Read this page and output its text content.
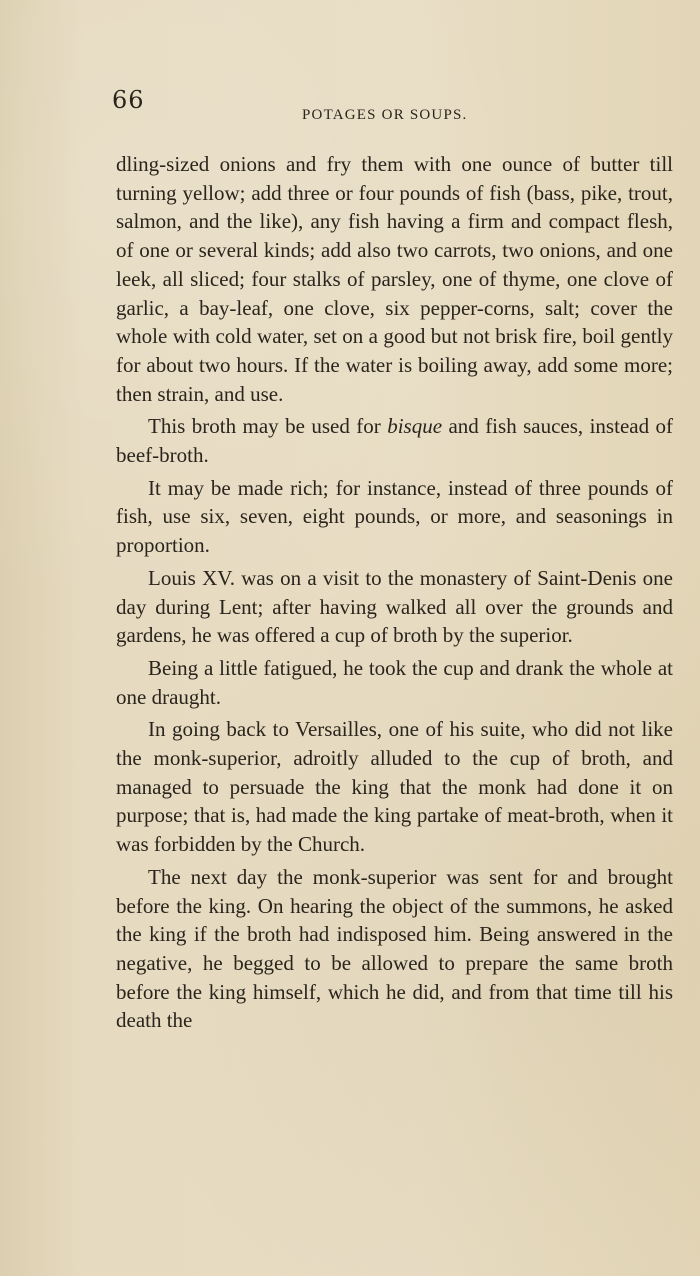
66
POTAGES OR SOUPS.

dling-sized onions and fry them with one ounce of butter till turning yellow; add three or four pounds of fish (bass, pike, trout, salmon, and the like), any fish having a firm and compact flesh, of one or several kinds; add also two carrots, two onions, and one leek, all sliced; four stalks of parsley, one of thyme, one clove of garlic, a bay-leaf, one clove, six pepper-corns, salt; cover the whole with cold water, set on a good but not brisk fire, boil gently for about two hours. If the water is boiling away, add some more; then strain, and use.

This broth may be used for bisque and fish sauces, instead of beef-broth.

It may be made rich; for instance, instead of three pounds of fish, use six, seven, eight pounds, or more, and seasonings in proportion.

Louis XV. was on a visit to the monastery of Saint-Denis one day during Lent; after having walked all over the grounds and gardens, he was offered a cup of broth by the superior.

Being a little fatigued, he took the cup and drank the whole at one draught.

In going back to Versailles, one of his suite, who did not like the monk-superior, adroitly alluded to the cup of broth, and managed to persuade the king that the monk had done it on purpose; that is, had made the king partake of meat-broth, when it was forbidden by the Church.

The next day the monk-superior was sent for and brought before the king. On hearing the object of the summons, he asked the king if the broth had indisposed him. Being answered in the negative, he begged to be allowed to prepare the same broth before the king himself, which he did, and from that time till his death the
